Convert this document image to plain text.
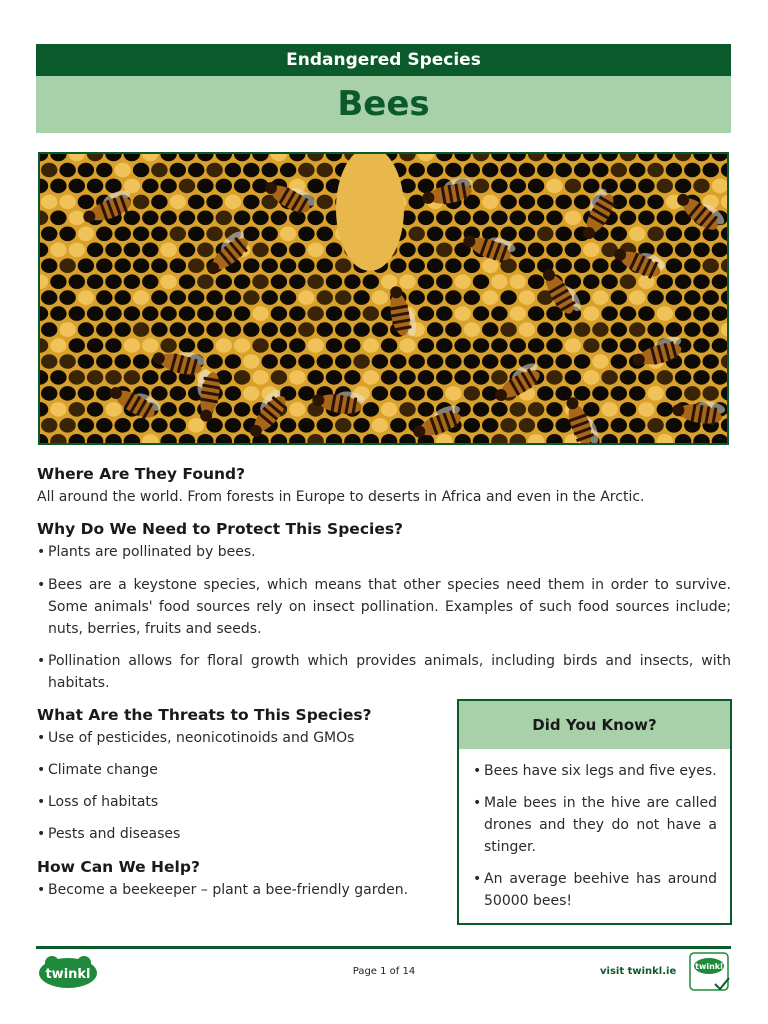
Endangered Species
Bees
Where Are They Found?

All around the world. From forests in Europe to deserts in Africa and even in the Arctic.

Why Do We Need to Protect This Species?
• Plants are pollinated by bees.
• Bees are a keystone species, which means that other species need them in order to survive. Some animals' food sources rely on insect pollination. Examples of such food sources include; nuts, berries, fruits and seeds.
• Pollination allows for floral growth which provides animals, including birds and insects, with habitats.
What Are the Threats to This Species?
• Use of pesticides, neonicotinoids and GMOs
• Climate change
• Loss of habitats
• Pests and diseases
How Can We Help?
• Become a beekeeper – plant a bee-friendly garden.
Did You Know?
• Bees have six legs and five eyes.
• Male bees in the hive are called drones and they do not have a stinger.
• An average beehive has around 50000 bees!
twinkl	Page 1 of 14	visit twinkl.ie twinkl
